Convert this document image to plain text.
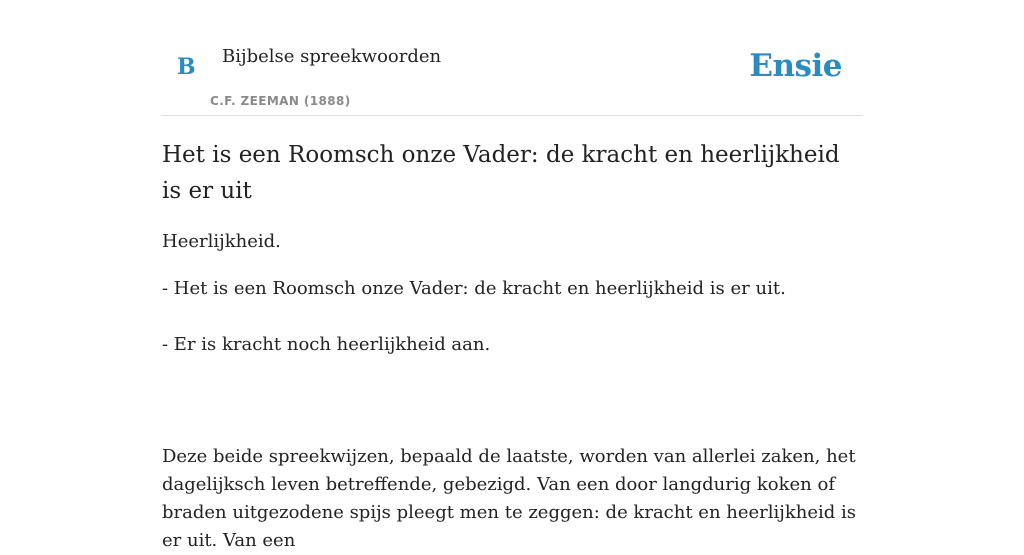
B Bijbelse spreekwoorden
C.F. ZEEMAN (1888)
Ensie
Het is een Roomsch onze Vader: de kracht en heerlijkheid is er uit

Heerlijkheid.

- Het is een Roomsch onze Vader: de kracht en heerlijkheid is er uit.

- Er is kracht noch heerlijkheid aan.

Deze beide spreekwijzen, bepaald de laatste, worden van allerlei zaken, het dagelijksch leven betreffende, gebezigd. Van een door langdurig koken of braden uitgezodene spijs pleegt men te zeggen: de kracht en heerlijkheid is er uit. Van een
